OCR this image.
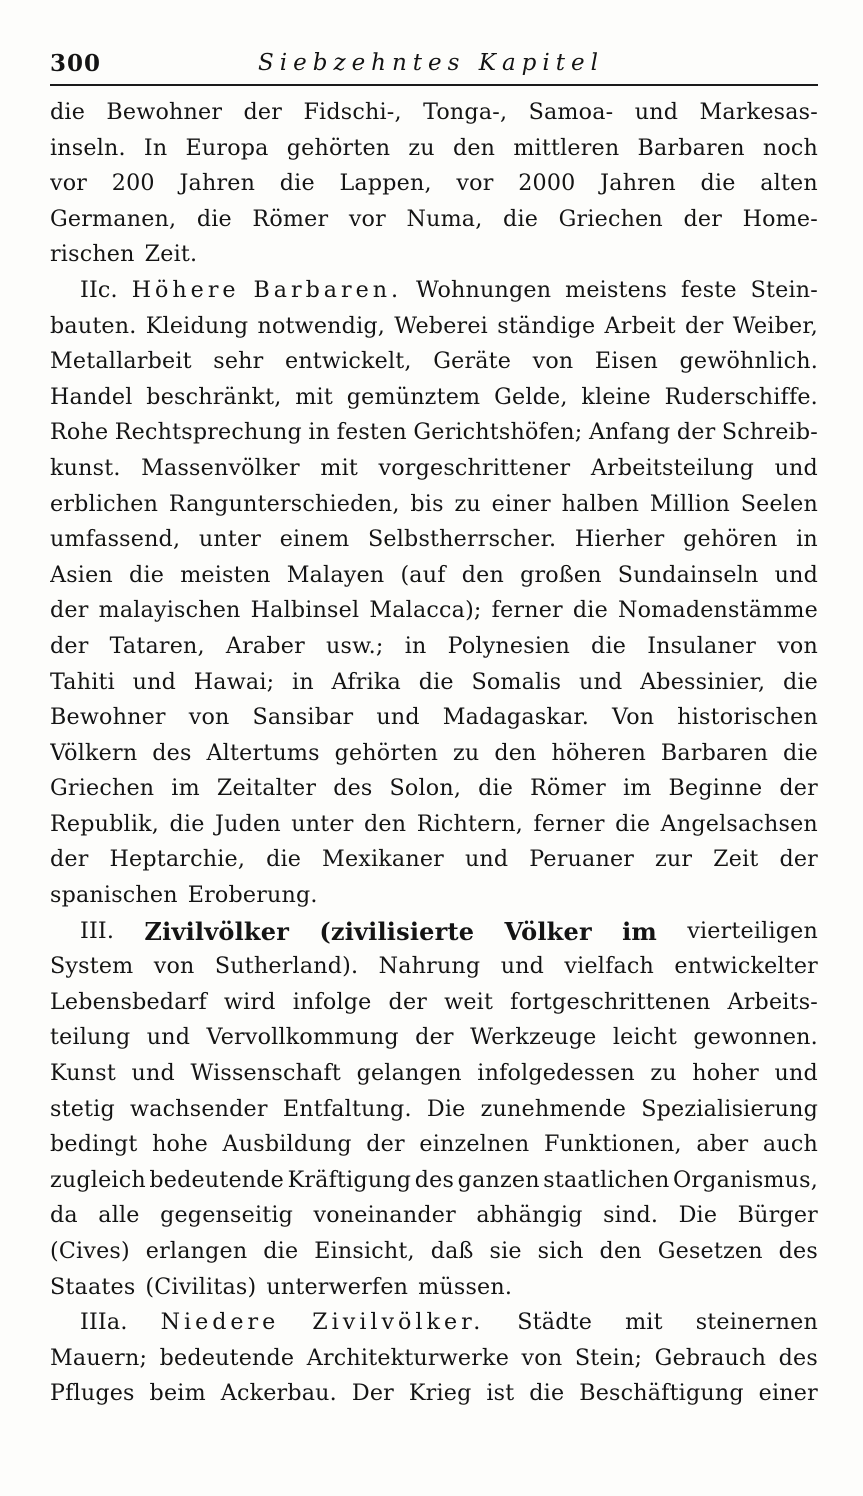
300	Siebzehntes Kapitel
die Bewohner der Fidschi-, Tonga-, Samoa- und Markesas-
inseln. In Europa gehörten zu den mittleren Barbaren noch
vor 200 Jahren die Lappen, vor 2000 Jahren die alten
Germanen, die Römer vor Numa, die Griechen der Home-
rischen Zeit.
IIc. Höhere Barbaren. Wohnungen meistens feste Stein-
bauten. Kleidung notwendig, Weberei ständige Arbeit der Weiber,
Metallarbeit sehr entwickelt, Geräte von Eisen gewöhnlich.
Handel beschränkt, mit gemünztem Gelde, kleine Ruderschiffe.
Rohe Rechtsprechung in festen Gerichtshöfen; Anfang der Schreib-
kunst. Massenvölker mit vorgeschrittener Arbeitsteilung und
erblichen Rangunterschieden, bis zu einer halben Million Seelen
umfassend, unter einem Selbstherrscher. Hierher gehören in
Asien die meisten Malayen (auf den großen Sundainseln und
der malayischen Halbinsel Malacca); ferner die Nomadenstämme
der Tataren, Araber usw.; in Polynesien die Insulaner von
Tahiti und Hawai; in Afrika die Somalis und Abessinier, die
Bewohner von Sansibar und Madagaskar. Von historischen
Völkern des Altertums gehörten zu den höheren Barbaren die
Griechen im Zeitalter des Solon, die Römer im Beginne der
Republik, die Juden unter den Richtern, ferner die Angelsachsen
der Heptarchie, die Mexikaner und Peruaner zur Zeit der
spanischen Eroberung.
III. Zivilvölker (zivilisierte Völker im vierteiligen
System von Sutherland). Nahrung und vielfach entwickelter
Lebensbedarf wird infolge der weit fortgeschrittenen Arbeits-
teilung und Vervollkommung der Werkzeuge leicht gewonnen.
Kunst und Wissenschaft gelangen infolgedessen zu hoher und
stetig wachsender Entfaltung. Die zunehmende Spezialisierung
bedingt hohe Ausbildung der einzelnen Funktionen, aber auch
zugleich bedeutende Kräftigung des ganzen staatlichen Organismus,
da alle gegenseitig voneinander abhängig sind. Die Bürger
(Cives) erlangen die Einsicht, daß sie sich den Gesetzen des
Staates (Civilitas) unterwerfen müssen.
IIIa. Niedere Zivilvölker. Städte mit steinernen
Mauern; bedeutende Architekturwerke von Stein; Gebrauch des
Pfluges beim Ackerbau. Der Krieg ist die Beschäftigung einer
